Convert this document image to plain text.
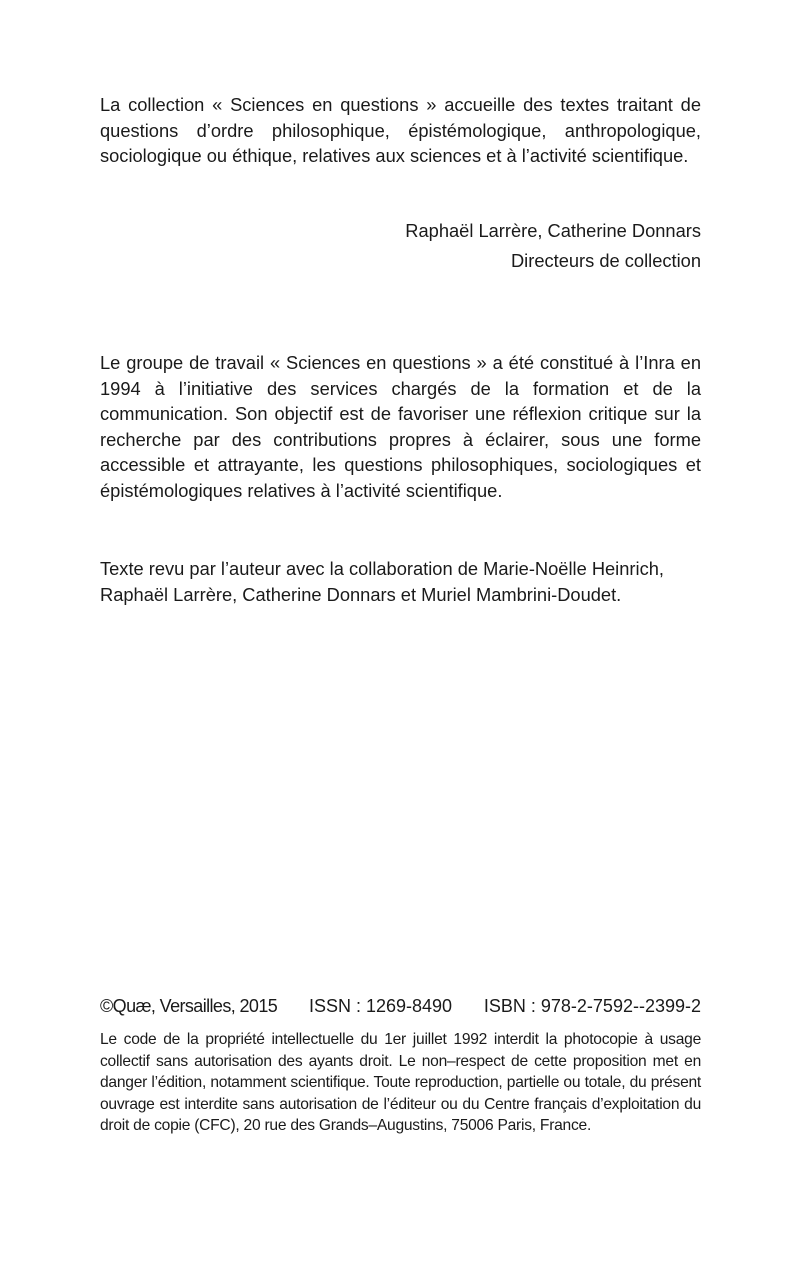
La collection « Sciences en questions » accueille des textes traitant de questions d’ordre philosophique, épistémologique, anthropologique, sociologique ou éthique, relatives aux sciences et à l’activité scientifique.

Raphaël Larrère, Catherine Donnars
Directeurs de collection

Le groupe de travail « Sciences en questions » a été constitué à l’Inra en 1994 à l’initiative des services chargés de la formation et de la communication. Son objectif est de favoriser une réflexion critique sur la recherche par des contributions propres à éclairer, sous une forme accessible et attrayante, les questions philosophiques, sociologiques et épistémologiques relatives à l’activité scientifique.

Texte revu par l’auteur avec la collaboration de Marie-Noëlle Heinrich,
Raphaël Larrère, Catherine Donnars et Muriel Mambrini-Doudet.
©Quæ, Versailles, 2015 ISSN : 1269-8490 ISBN : 978-2-7592--2399-2

Le code de la propriété intellectuelle du 1er juillet 1992 interdit la photocopie à usage collectif sans autorisation des ayants droit. Le non–respect de cette proposition met en danger l’édition, notamment scientifique. Toute reproduction, partielle ou totale, du présent ouvrage est interdite sans autorisation de l’éditeur ou du Centre français d’exploitation du droit de copie (CFC), 20 rue des Grands–Augustins, 75006 Paris, France.
